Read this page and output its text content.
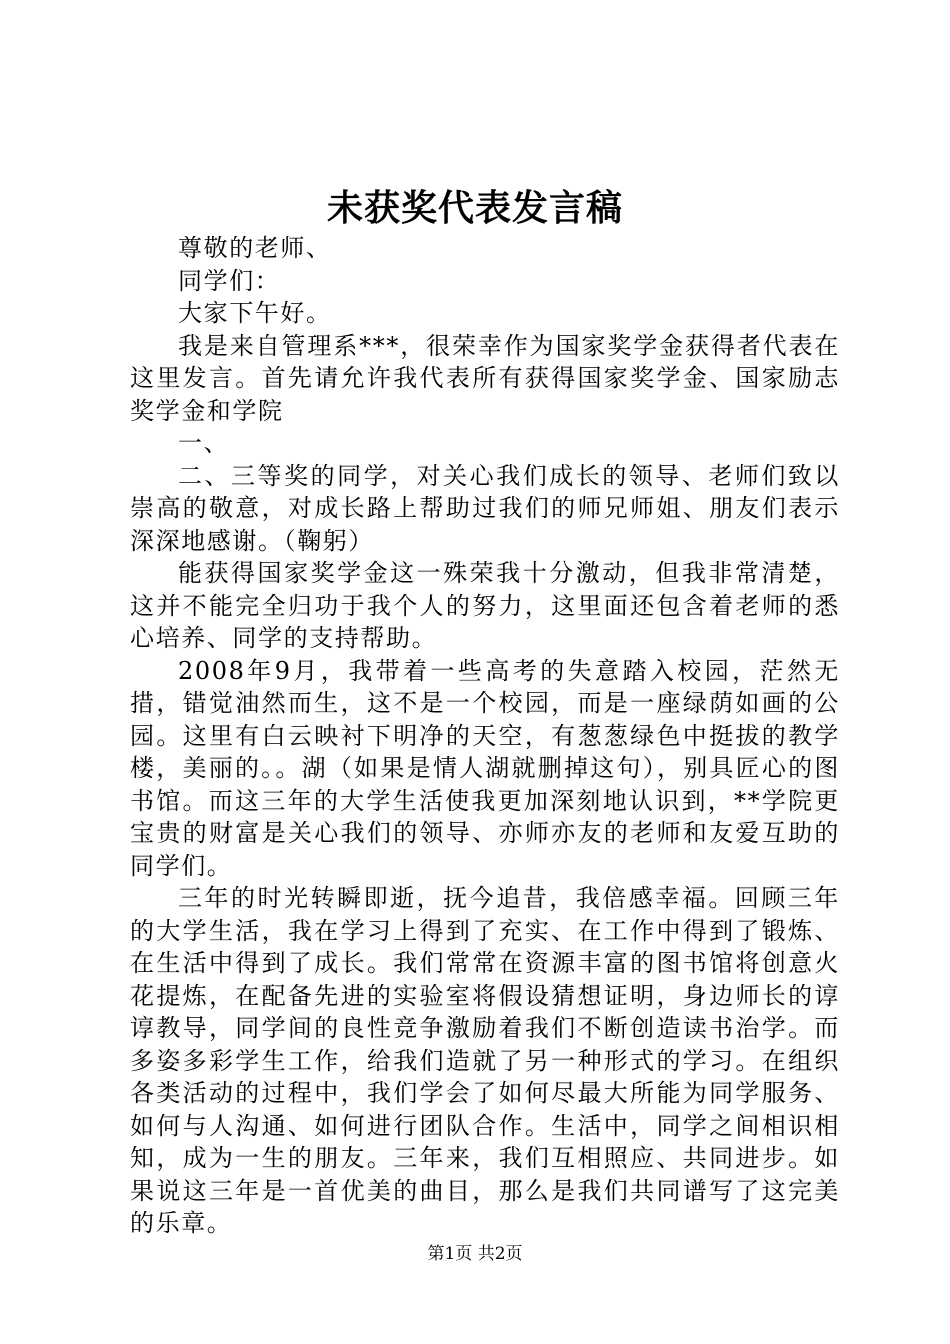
未获奖代表发言稿

尊敬的老师、

同学们：

大家下午好。

我是来自管理系***，很荣幸作为国家奖学金获得者代表在这里发言。首先请允许我代表所有获得国家奖学金、国家励志奖学金和学院

一、

二、三等奖的同学，对关心我们成长的领导、老师们致以崇高的敬意，对成长路上帮助过我们的师兄师姐、朋友们表示深深地感谢。（鞠躬）

能获得国家奖学金这一殊荣我十分激动，但我非常清楚，这并不能完全归功于我个人的努力，这里面还包含着老师的悉心培养、同学的支持帮助。

2008年9月，我带着一些高考的失意踏入校园，茫然无措，错觉油然而生，这不是一个校园，而是一座绿荫如画的公园。这里有白云映衬下明净的天空，有葱葱绿色中挺拔的教学楼，美丽的。。湖（如果是情人湖就删掉这句），别具匠心的图书馆。而这三年的大学生活使我更加深刻地认识到，**学院更宝贵的财富是关心我们的领导、亦师亦友的老师和友爱互助的同学们。

三年的时光转瞬即逝，抚今追昔，我倍感幸福。回顾三年的大学生活，我在学习上得到了充实、在工作中得到了锻炼、在生活中得到了成长。我们常常在资源丰富的图书馆将创意火花提炼，在配备先进的实验室将假设猜想证明，身边师长的谆谆教导，同学间的良性竞争激励着我们不断创造读书治学。而多姿多彩学生工作，给我们造就了另一种形式的学习。在组织各类活动的过程中，我们学会了如何尽最大所能为同学服务、如何与人沟通、如何进行团队合作。生活中，同学之间相识相知，成为一生的朋友。三年来，我们互相照应、共同进步。如果说这三年是一首优美的曲目，那么是我们共同谱写了这完美的乐章。

第1页 共2页
